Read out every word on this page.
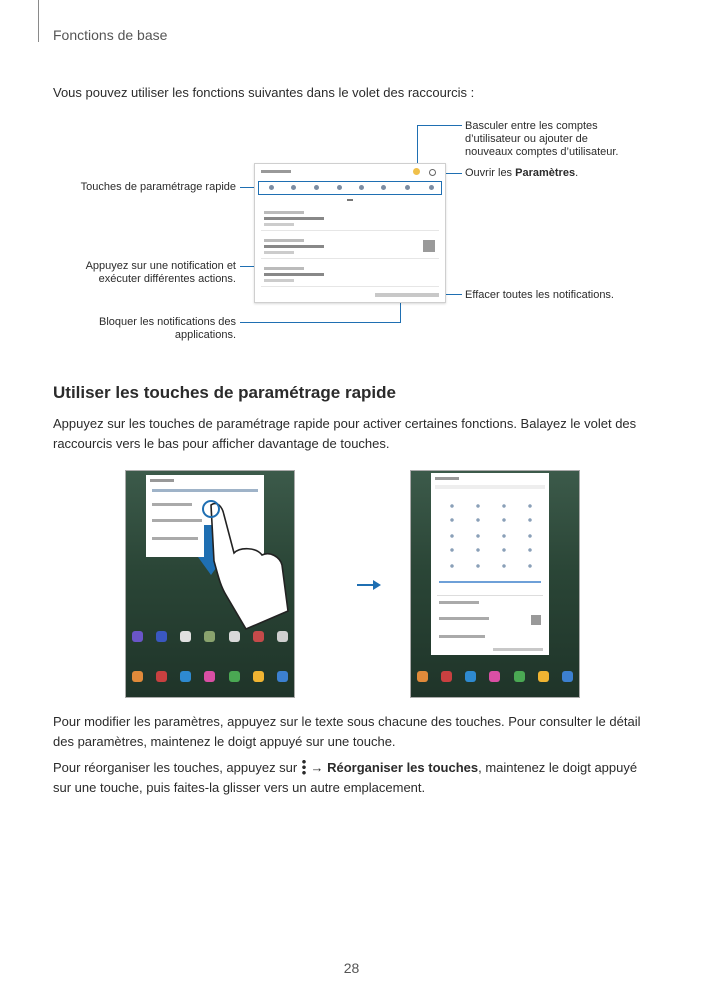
Fonctions de base
Vous pouvez utiliser les fonctions suivantes dans le volet des raccourcis :
Touches de paramétrage rapide
Appuyez sur une notification et
exécuter différentes actions.
Bloquer les notifications des
applications.
Basculer entre les comptes
d’utilisateur ou ajouter de
nouveaux comptes d’utilisateur.
Ouvrir les Paramètres.
Effacer toutes les notifications.
Utiliser les touches de paramétrage rapide
Appuyez sur les touches de paramétrage rapide pour activer certaines fonctions. Balayez le volet des raccourcis vers le bas pour afficher davantage de touches.
Pour modifier les paramètres, appuyez sur le texte sous chacune des touches. Pour consulter le détail des paramètres, maintenez le doigt appuyé sur une touche.
Pour réorganiser les touches, appuyez sur  → Réorganiser les touches, maintenez le doigt appuyé sur une touche, puis faites-la glisser vers un autre emplacement.
28
